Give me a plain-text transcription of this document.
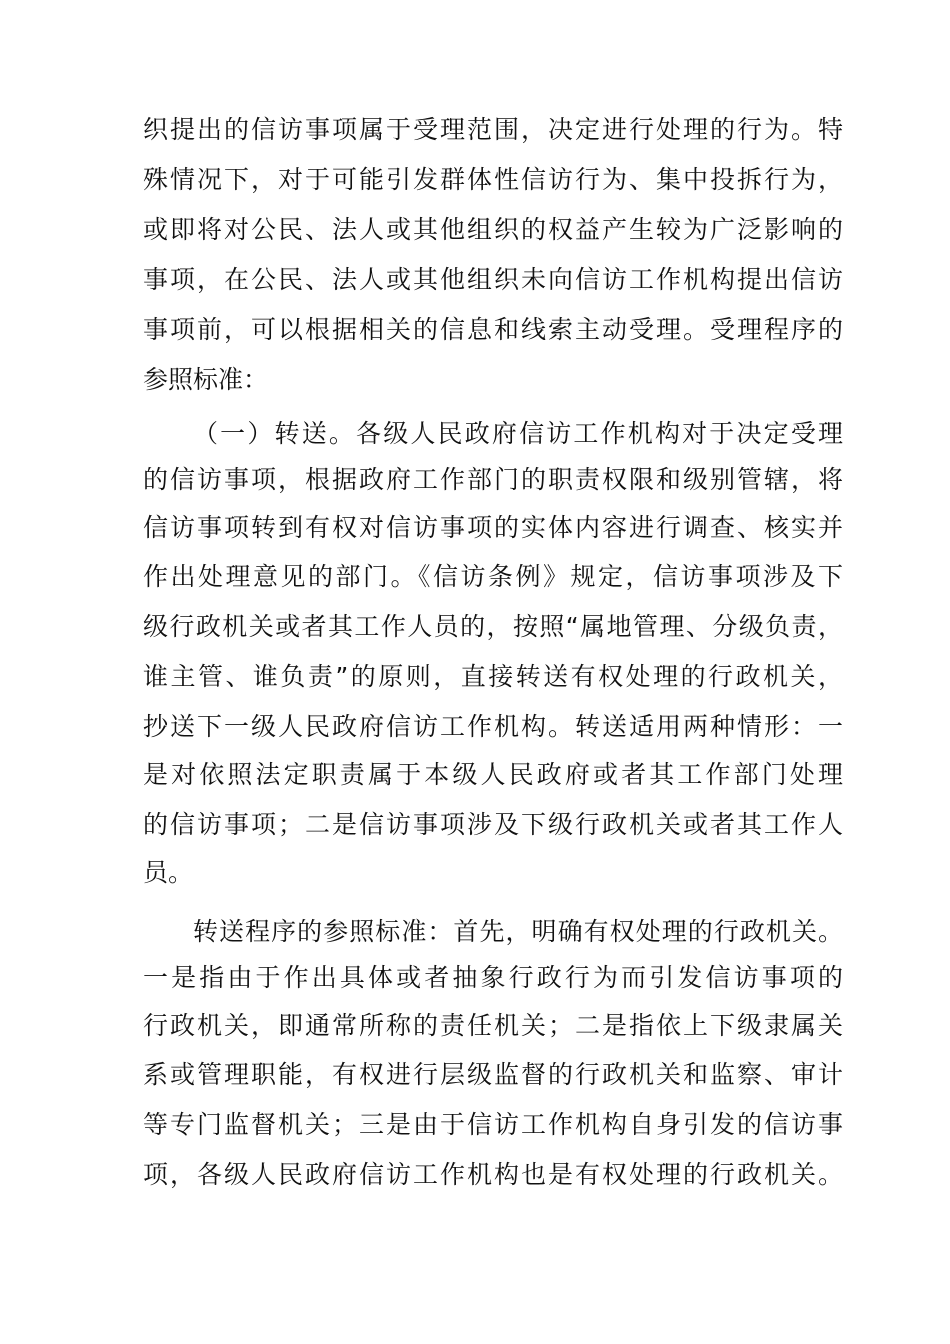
织提出的信访事项属于受理范围，决定进行处理的行为。特
殊情况下，对于可能引发群体性信访行为、集中投拆行为，
或即将对公民、法人或其他组织的权益产生较为广泛影响的
事项，在公民、法人或其他组织未向信访工作机构提出信访
事项前，可以根据相关的信息和线索主动受理。受理程序的
参照标准：
（一）转送。各级人民政府信访工作机构对于决定受理
的信访事项，根据政府工作部门的职责权限和级别管辖，将
信访事项转到有权对信访事项的实体内容进行调查、核实并
作出处理意见的部门。《信访条例》规定，信访事项涉及下
级行政机关或者其工作人员的，按照“属地管理、分级负责，
谁主管、谁负责”的原则，直接转送有权处理的行政机关，
抄送下一级人民政府信访工作机构。转送适用两种情形：一
是对依照法定职责属于本级人民政府或者其工作部门处理
的信访事项；二是信访事项涉及下级行政机关或者其工作人
员。
转送程序的参照标准：首先，明确有权处理的行政机关。
一是指由于作出具体或者抽象行政行为而引发信访事项的
行政机关，即通常所称的责任机关；二是指依上下级隶属关
系或管理职能，有权进行层级监督的行政机关和监察、审计
等专门监督机关；三是由于信访工作机构自身引发的信访事
项，各级人民政府信访工作机构也是有权处理的行政机关。
